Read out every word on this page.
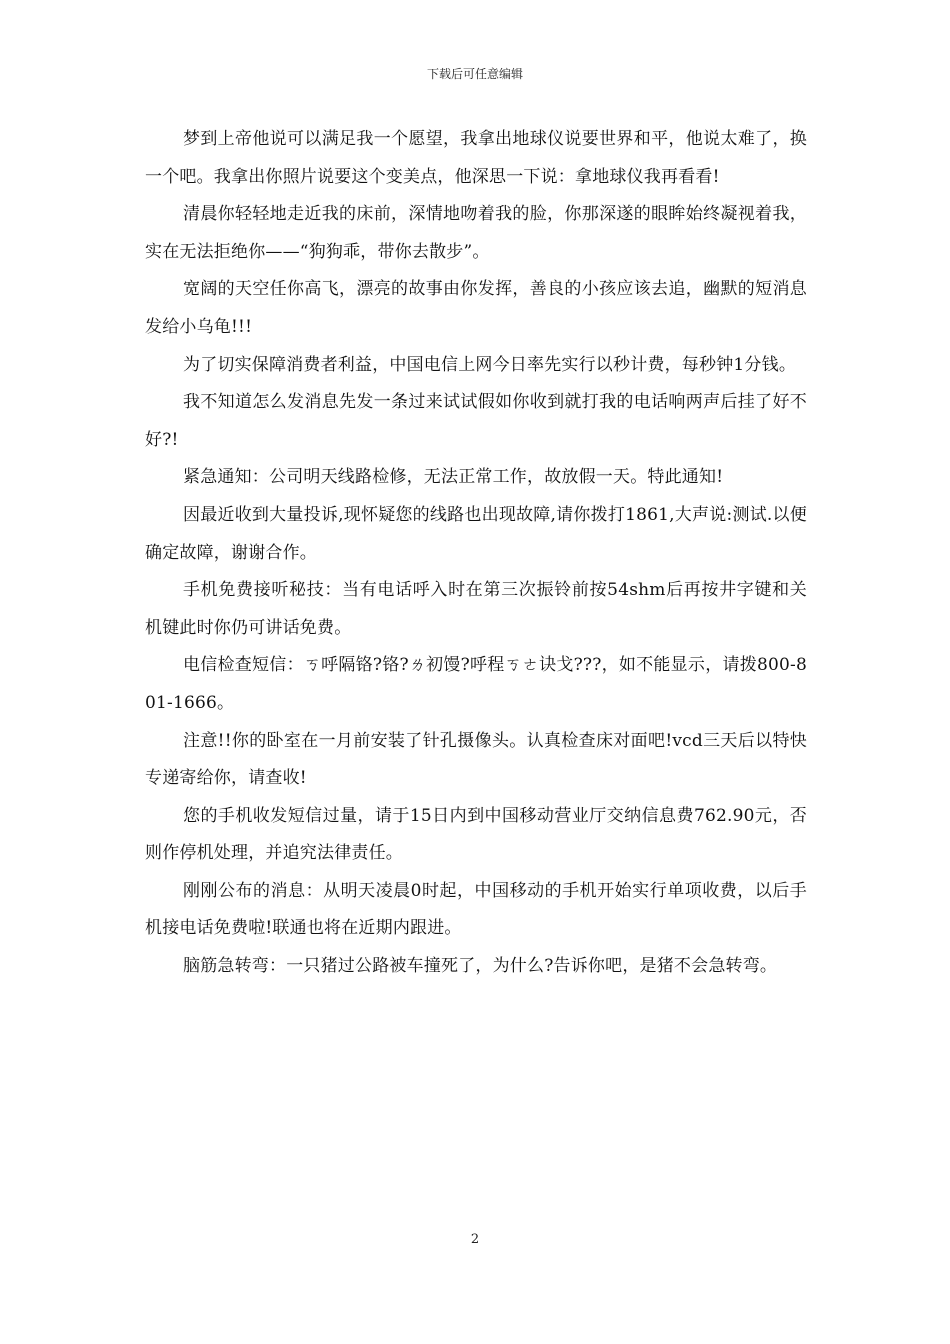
下载后可任意编辑

梦到上帝他说可以满足我一个愿望，我拿出地球仪说要世界和平，他说太难了，换一个吧。我拿出你照片说要这个变美点，他深思一下说：拿地球仪我再看看!

清晨你轻轻地走近我的床前，深情地吻着我的脸，你那深遂的眼眸始终凝视着我，实在无法拒绝你——“狗狗乖，带你去散步”。

宽阔的天空任你高飞，漂亮的故事由你发挥，善良的小孩应该去追，幽默的短消息发给小乌龟!!!

为了切实保障消费者利益，中国电信上网今日率先实行以秒计费，每秒钟1分钱。

我不知道怎么发消息先发一条过来试试假如你收到就打我的电话响两声后挂了好不好?!

紧急通知：公司明天线路检修，无法正常工作，故放假一天。特此通知!

因最近收到大量投诉,现怀疑您的线路也出现故障,请你拨打1861,大声说:测试.以便确定故障，谢谢合作。

手机免费接听秘技：当有电话呼入时在第三次振铃前按54shm后再按井字键和关机键此时你仍可讲话免费。

电信检查短信：ㄎ呼隔铬?铬?ㄌ初馒?呼程ㄎㄜ诀戈???，如不能显示，请拨800-801-1666。

注意!!你的卧室在一月前安装了针孔摄像头。认真检查床对面吧!vcd三天后以特快专递寄给你，请查收!

您的手机收发短信过量，请于15日内到中国移动营业厅交纳信息费762.90元，否则作停机处理，并追究法律责任。

刚刚公布的消息：从明天凌晨0时起，中国移动的手机开始实行单项收费，以后手机接电话免费啦!联通也将在近期内跟进。

脑筋急转弯：一只猪过公路被车撞死了，为什么?告诉你吧，是猪不会急转弯。

2
